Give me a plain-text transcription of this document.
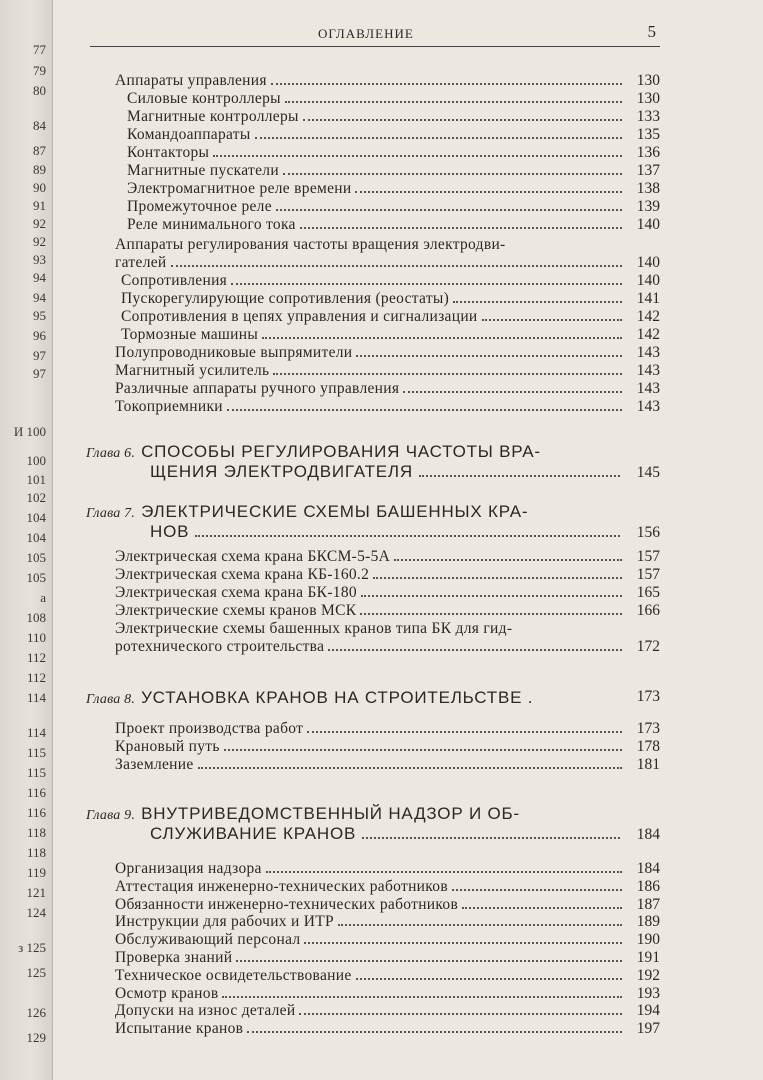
77
79
80
84
87
89
90
91
92
92
93
94
94
95
96
97
97
И 100
100
101
102
104
104
105
105
а
108
110
112
112
114
114
115
115
116
116
118
118
119
121
124
з 125
125
126
129
ОГЛАВЛЕНИЕ	5
Аппараты управления	130
Силовые контроллеры	130
Магнитные контроллеры	133
Командоаппараты	135
Контакторы	136
Магнитные пускатели	137
Электромагнитное реле времени	138
Промежуточное реле	139
Реле минимального тока	140
Аппараты регулирования частоты вращения электродви-
гателей	140
Сопротивления	140
Пускорегулирующие сопротивления (реостаты)	141
Сопротивления в цепях управления и сигнализации	142
Тормозные машины	142
Полупроводниковые выпрямители	143
Магнитный усилитель	143
Различные аппараты ручного управления	143
Токоприемники	143
Глава 6. СПОСОБЫ РЕГУЛИРОВАНИЯ ЧАСТОТЫ ВРА-
ЩЕНИЯ ЭЛЕКТРОДВИГАТЕЛЯ	145
Глава 7. ЭЛЕКТРИЧЕСКИЕ СХЕМЫ БАШЕННЫХ КРА-
НОВ	156
Электрическая схема крана БКСМ-5-5А	157
Электрическая схема крана КБ-160.2	157
Электрическая схема крана БК-180	165
Электрические схемы кранов МСК	166
Электрические схемы башенных кранов типа БК для гид-
ротехнического строительства	172
Глава 8. УСТАНОВКА КРАНОВ НА СТРОИТЕЛЬСТВЕ .	173
Проект производства работ	173
Крановый путь	178
Заземление	181
Глава 9. ВНУТРИВЕДОМСТВЕННЫЙ НАДЗОР И ОБ-
СЛУЖИВАНИЕ КРАНОВ	184
Организация надзора	184
Аттестация инженерно-технических работников	186
Обязанности инженерно-технических работников	187
Инструкции для рабочих и ИТР	189
Обслуживающий персонал	190
Проверка знаний	191
Техническое освидетельствование	192
Осмотр кранов	193
Допуски на износ деталей	194
Испытание кранов	197
